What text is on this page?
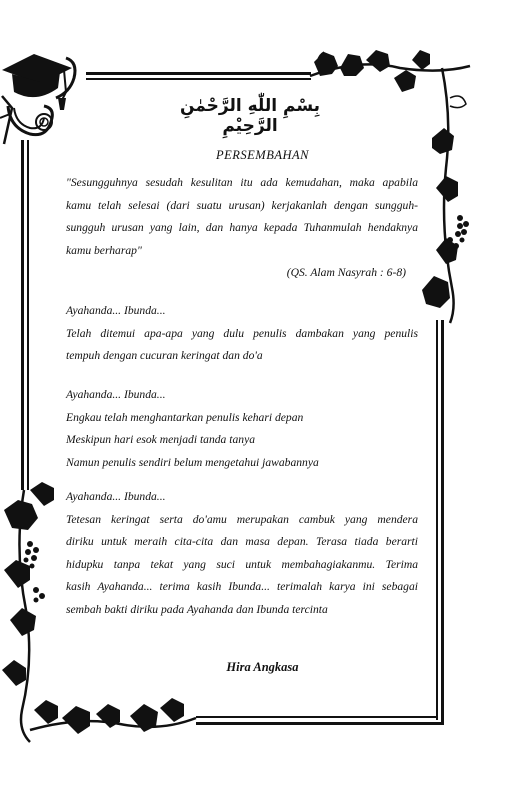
بِسْمِ اللّٰهِ الرَّحْمٰنِ الرَّحِيْمِ
PERSEMBAHAN
"Sesungguhnya sesudah kesulitan itu ada kemudahan, maka apabila
kamu telah selesai (dari suatu urusan) kerjakanlah dengan sungguh-
sungguh urusan yang lain, dan hanya kepada Tuhanmulah hendaknya
kamu berharap"
(QS. Alam Nasyrah : 6-8)
Ayahanda... Ibunda...
Telah ditemui apa-apa yang dulu penulis dambakan yang penulis
tempuh dengan cucuran keringat dan do'a
Ayahanda... Ibunda...
Engkau telah menghantarkan penulis kehari depan
Meskipun hari esok menjadi tanda tanya
Namun penulis sendiri belum mengetahui jawabannya
Ayahanda... Ibunda...
Tetesan keringat serta do'amu merupakan cambuk yang mendera
diriku untuk meraih cita-cita dan masa depan. Terasa tiada berarti
hidupku tanpa tekat yang suci untuk membahagiakanmu. Terima
kasih Ayahanda... terima kasih Ibunda... terimalah karya ini sebagai
sembah bakti diriku pada Ayahanda dan Ibunda tercinta
Hira Angkasa
